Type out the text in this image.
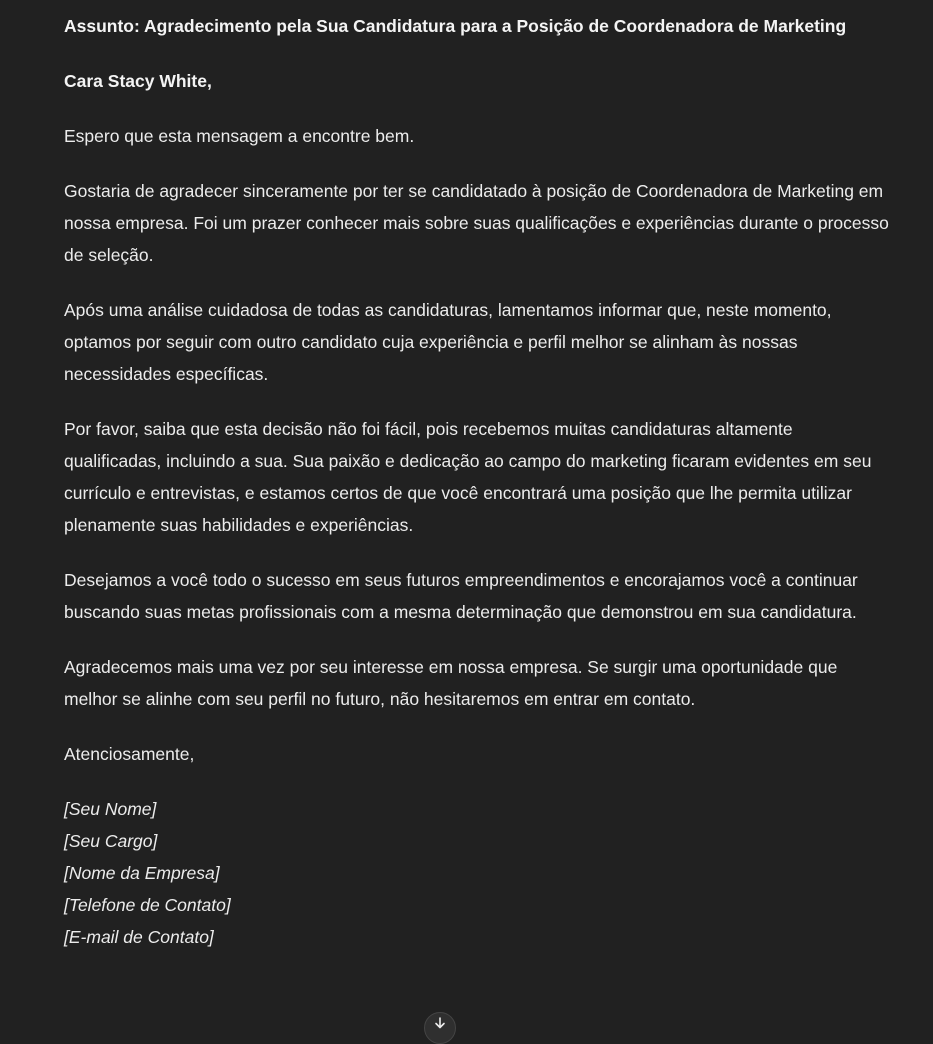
Assunto: Agradecimento pela Sua Candidatura para a Posição de Coordenadora de Marketing

Cara Stacy White,

Espero que esta mensagem a encontre bem.

Gostaria de agradecer sinceramente por ter se candidatado à posição de Coordenadora de Marketing em nossa empresa. Foi um prazer conhecer mais sobre suas qualificações e experiências durante o processo de seleção.

Após uma análise cuidadosa de todas as candidaturas, lamentamos informar que, neste momento, optamos por seguir com outro candidato cuja experiência e perfil melhor se alinham às nossas necessidades específicas.

Por favor, saiba que esta decisão não foi fácil, pois recebemos muitas candidaturas altamente qualificadas, incluindo a sua. Sua paixão e dedicação ao campo do marketing ficaram evidentes em seu currículo e entrevistas, e estamos certos de que você encontrará uma posição que lhe permita utilizar plenamente suas habilidades e experiências.

Desejamos a você todo o sucesso em seus futuros empreendimentos e encorajamos você a continuar buscando suas metas profissionais com a mesma determinação que demonstrou em sua candidatura.

Agradecemos mais uma vez por seu interesse em nossa empresa. Se surgir uma oportunidade que melhor se alinhe com seu perfil no futuro, não hesitaremos em entrar em contato.

Atenciosamente,

[Seu Nome]
[Seu Cargo]
[Nome da Empresa]
[Telefone de Contato]
[E-mail de Contato]
